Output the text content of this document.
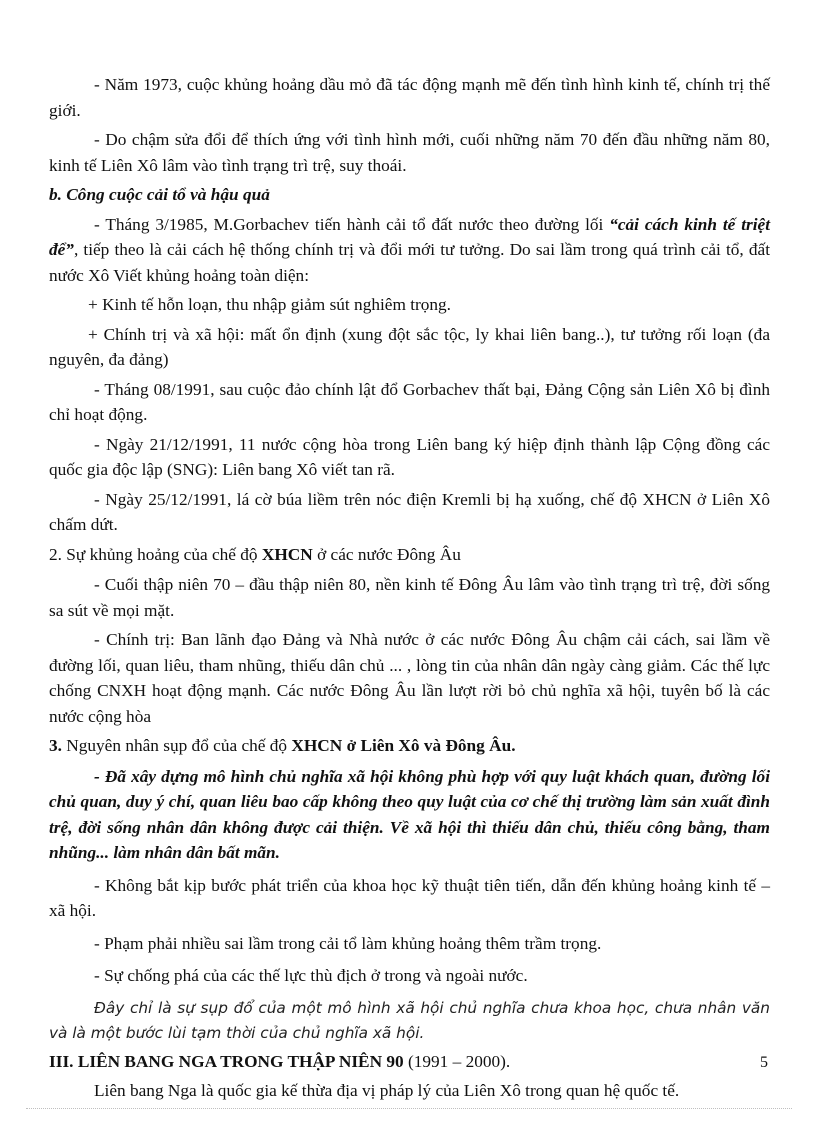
- Năm 1973, cuộc khủng hoảng dầu mỏ đã tác động mạnh mẽ đến tình hình kinh tế, chính trị thế giới.

- Do chậm sửa đổi để thích ứng với tình hình mới, cuối những năm 70 đến đầu những năm 80, kinh tế Liên Xô lâm vào tình trạng trì trệ, suy thoái.

b. Công cuộc cải tổ và hậu quả

- Tháng 3/1985, M.Gorbachev tiến hành cải tổ đất nước theo đường lối “cải cách kinh tế triệt để”, tiếp theo là cải cách hệ thống chính trị và đổi mới tư tưởng. Do sai lầm trong quá trình cải tổ, đất nước Xô Viết khủng hoảng toàn diện:

+ Kinh tế hỗn loạn, thu nhập giảm sút nghiêm trọng.

+ Chính trị và xã hội: mất ổn định (xung đột sắc tộc, ly khai liên bang..), tư tưởng rối loạn (đa nguyên, đa đảng)

- Tháng 08/1991, sau cuộc đảo chính lật đổ Gorbachev thất bại, Đảng Cộng sản Liên Xô bị đình chỉ hoạt động.

- Ngày 21/12/1991, 11 nước cộng hòa trong Liên bang ký hiệp định thành lập Cộng đồng các quốc gia độc lập (SNG): Liên bang Xô viết tan rã.

- Ngày 25/12/1991, lá cờ búa liềm trên nóc điện Kremli bị hạ xuống, chế độ XHCN ở Liên Xô chấm dứt.

2. Sự khủng hoảng của chế độ XHCN ở các nước Đông Âu

- Cuối thập niên 70 – đầu thập niên 80, nền kinh tế Đông Âu lâm vào tình trạng trì trệ, đời sống sa sút về mọi mặt.

- Chính trị: Ban lãnh đạo Đảng và Nhà nước ở các nước Đông Âu chậm cải cách, sai lầm về đường lối, quan liêu, tham nhũng, thiếu dân chủ ... , lòng tin của nhân dân ngày càng giảm. Các thế lực chống CNXH hoạt động mạnh. Các nước Đông Âu lần lượt rời bỏ chủ nghĩa xã hội, tuyên bố là các nước cộng hòa

3. Nguyên nhân sụp đổ của chế độ XHCN ở Liên Xô và Đông Âu.

- Đã xây dựng mô hình chủ nghĩa xã hội không phù hợp với quy luật khách quan, đường lối chủ quan, duy ý chí, quan liêu bao cấp không theo quy luật của cơ chế thị trường làm sản xuất đình trệ, đời sống nhân dân không được cải thiện. Về xã hội thì thiếu dân chủ, thiếu công bằng, tham nhũng... làm nhân dân bất mãn.

- Không bắt kịp bước phát triển của khoa học kỹ thuật tiên tiến, dẫn đến khủng hoảng kinh tế – xã hội.

- Phạm phải nhiều sai lầm trong cải tổ làm khủng hoảng thêm trầm trọng.

- Sự chống phá của các thế lực thù địch ở trong và ngoài nước.

Đây chỉ là sự sụp đổ của một mô hình xã hội chủ nghĩa chưa khoa học, chưa nhân văn và là một bước lùi tạm thời của chủ nghĩa xã hội.

III. LIÊN BANG NGA TRONG THẬP NIÊN 90 (1991 – 2000).

Liên bang Nga là quốc gia kế thừa địa vị pháp lý của Liên Xô trong quan hệ quốc tế.

5
